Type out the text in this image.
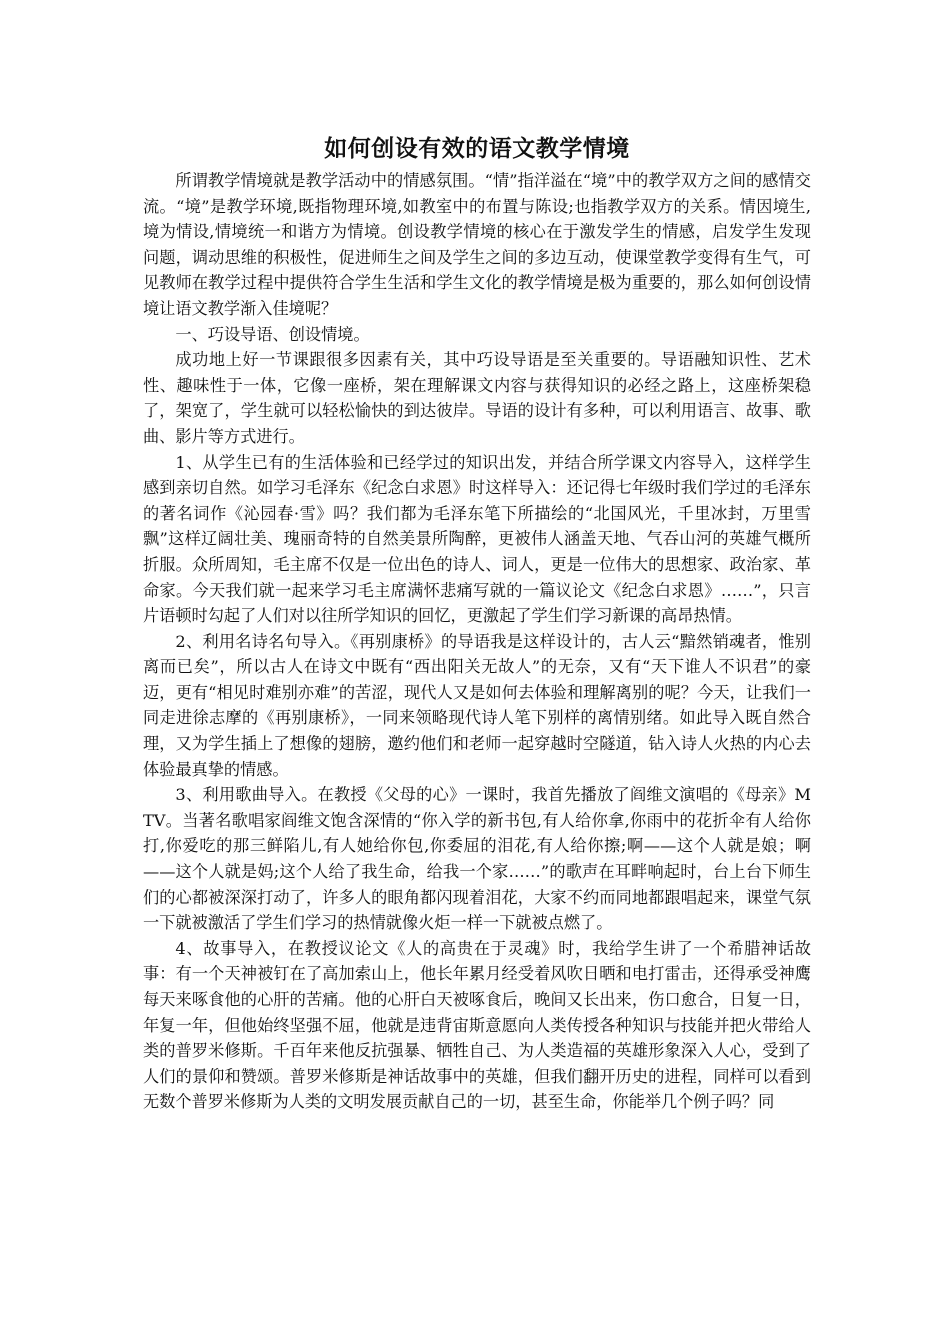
如何创设有效的语文教学情境

所谓教学情境就是教学活动中的情感氛围。“情”指洋溢在“境”中的教学双方之间的感情交流。“境”是教学环境,既指物理环境,如教室中的布置与陈设;也指教学双方的关系。情因境生,境为情设,情境统一和谐方为情境。创设教学情境的核心在于激发学生的情感，启发学生发现问题，调动思维的积极性，促进师生之间及学生之间的多边互动，使课堂教学变得有生气，可见教师在教学过程中提供符合学生生活和学生文化的教学情境是极为重要的，那么如何创设情境让语文教学渐入佳境呢？

一、巧设导语、创设情境。

成功地上好一节课跟很多因素有关，其中巧设导语是至关重要的。导语融知识性、艺术性、趣味性于一体，它像一座桥，架在理解课文内容与获得知识的必经之路上，这座桥架稳了，架宽了，学生就可以轻松愉快的到达彼岸。导语的设计有多种，可以利用语言、故事、歌曲、影片等方式进行。

1、从学生已有的生活体验和已经学过的知识出发，并结合所学课文内容导入，这样学生感到亲切自然。如学习毛泽东《纪念白求恩》时这样导入：还记得七年级时我们学过的毛泽东的著名词作《沁园春·雪》吗？我们都为毛泽东笔下所描绘的“北国风光，千里冰封，万里雪飘”这样辽阔壮美、瑰丽奇特的自然美景所陶醉，更被伟人涵盖天地、气吞山河的英雄气概所折服。众所周知，毛主席不仅是一位出色的诗人、词人，更是一位伟大的思想家、政治家、革命家。今天我们就一起来学习毛主席满怀悲痛写就的一篇议论文《纪念白求恩》……”，只言片语顿时勾起了人们对以往所学知识的回忆，更激起了学生们学习新课的高昂热情。

2、利用名诗名句导入。《再别康桥》的导语我是这样设计的，古人云“黯然销魂者，惟别离而已矣”，所以古人在诗文中既有“西出阳关无故人”的无奈，又有“天下谁人不识君”的豪迈，更有“相见时难别亦难”的苦涩，现代人又是如何去体验和理解离别的呢？今天，让我们一同走进徐志摩的《再别康桥》，一同来领略现代诗人笔下别样的离情别绪。如此导入既自然合理，又为学生插上了想像的翅膀，邀约他们和老师一起穿越时空隧道，钻入诗人火热的内心去体验最真挚的情感。

3、利用歌曲导入。在教授《父母的心》一课时，我首先播放了阎维文演唱的《母亲》MTV。当著名歌唱家阎维文饱含深情的“你入学的新书包,有人给你拿,你雨中的花折伞有人给你打,你爱吃的那三鲜陷儿,有人她给你包,你委屈的泪花,有人给你擦;啊——这个人就是娘；啊——这个人就是妈;这个人给了我生命，给我一个家……”的歌声在耳畔响起时，台上台下师生们的心都被深深打动了，许多人的眼角都闪现着泪花，大家不约而同地都跟唱起来，课堂气氛一下就被激活了学生们学习的热情就像火炬一样一下就被点燃了。

4、故事导入，在教授议论文《人的高贵在于灵魂》时，我给学生讲了一个希腊神话故事：有一个天神被钉在了高加索山上，他长年累月经受着风吹日晒和电打雷击，还得承受神鹰每天来啄食他的心肝的苦痛。他的心肝白天被啄食后，晚间又长出来，伤口愈合，日复一日，年复一年，但他始终坚强不屈，他就是违背宙斯意愿向人类传授各种知识与技能并把火带给人类的普罗米修斯。千百年来他反抗强暴、牺牲自己、为人类造福的英雄形象深入人心，受到了人们的景仰和赞颂。普罗米修斯是神话故事中的英雄，但我们翻开历史的进程，同样可以看到无数个普罗米修斯为人类的文明发展贡献自己的一切，甚至生命，你能举几个例子吗？同
